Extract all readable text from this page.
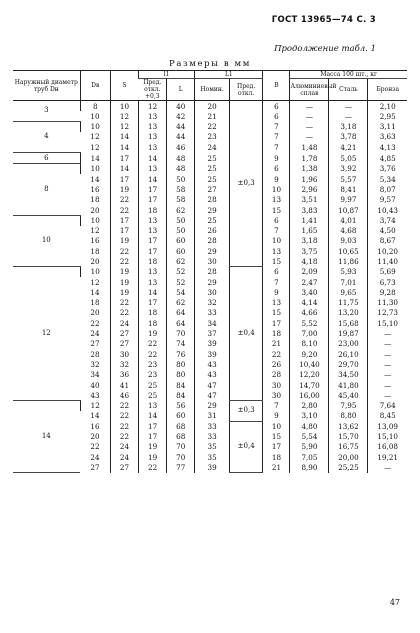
ГОСТ 13965—74 С. 3
Продолжение табл. 1
Размеры в мм
Наружный диаметр труб Dн	Dв	S	l1		L1		B	Масса 100 шт., кг		
			Пред. откл. +0,3	L	Номин.	Пред. откл.		Алюминиевый сплав	Сталь	Бронза

3	8	10	12	40	20	±0,3	6	—	—	2,10
	10	12	13	42	21		6	—	—	2,95
4	10	12	13	44	22		7	—	3,18	3,11
	12	14	13	44	23		7	—	3,78	3,63
	12	14	13	46	24		7	1,48	4,21	4,13
6	14	17	14	48	25		9	1,78	5,05	4,85
8	10	14	13	48	25		6	1,38	3,92	3,76
	14	17	14	50	25		9	1,96	5,57	5,34
	16	19	17	58	27		10	2,96	8,41	8,07
	18	22	17	58	28		13	3,51	9,97	9,57
	20	22	18	62	29		15	3,83	10,87	10,43
10	10	17	13	50	25		6	1,41	4,01	3,74
	12	17	13	50	26		7	1,65	4,68	4,50
	16	19	17	60	28		10	3,18	9,03	8,67
	18	22	17	60	29		13	3,75	10,65	10,20
	20	22	18	62	30		15	4,18	11,86	11,40
12	10	19	13	52	28	±0,4	6	2,09	5,93	5,69
	12	19	13	52	29		7	2,47	7,01	6,73
	14	19	14	54	30		9	3,40	9,65	9,28
	18	22	17	62	32		13	4,14	11,75	11,30
	20	22	18	64	33		15	4,66	13,20	12,73
	22	24	18	64	34		17	5,52	15,68	15,10
	24	27	19	70	37		18	7,00	19,87	—
	27	27	22	74	39		21	8,10	23,00	—
	28	30	22	76	39		22	9,20	26,10	—
	32	32	23	80	43		26	10,40	29,70	—
	34	36	23	80	43		28	12,20	34,50	—
	40	41	25	84	47		30	14,70	41,80	—
	43	46	25	84	47		30	16,00	45,40	—
14	12	22	13	56	29	±0,3	7	2,80	7,95	7,64
	14	22	14	60	31		9	3,10	8,80	8,45
	16	22	17	68	33	±0,4	10	4,80	13,62	13,09
	20	22	17	68	33		15	5,54	15,70	15,10
	22	24	19	70	35		17	5,90	16,75	16,08
	24	24	19	70	35		18	7,05	20,00	19,21
	27	27	22	77	39		21	8,90	25,25	—
47
